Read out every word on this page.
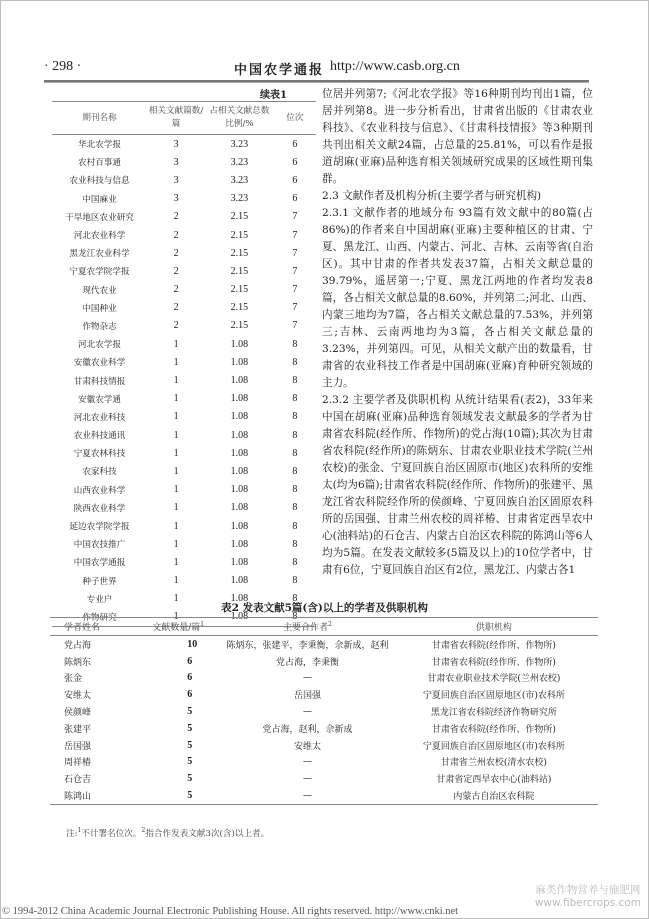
· 298 ·	中国农学通报 http://www.casb.org.cn
续表1
期刊名称	相关文献篇数/篇	占相关文献总数比例/%	位次
华北农学报	3	3.23	6
农村百事通	3	3.23	6
农业科技与信息	3	3.23	6
中国麻业	3	3.23	6
干旱地区农业研究	2	2.15	7
河北农业科学	2	2.15	7
黑龙江农业科学	2	2.15	7
宁夏农学院学报	2	2.15	7
现代农业	2	2.15	7
中国种业	2	2.15	7
作物杂志	2	2.15	7
河北农学报	1	1.08	8
安徽农业科学	1	1.08	8
甘肃科技情报	1	1.08	8
安徽农学通	1	1.08	8
河北农业科技	1	1.08	8
农业科技通讯	1	1.08	8
宁夏农林科技	1	1.08	8
农家科技	1	1.08	8
山西农业科学	1	1.08	8
陕西农业科学	1	1.08	8
延边农学院学报	1	1.08	8
中国农技推广	1	1.08	8
中国农学通报	1	1.08	8
种子世界	1	1.08	8
专业户	1	1.08	8
作物研究	1	1.08	8

位居并列第7;《河北农学报》等16种期刊均刊出1篇，位居并列第8。进一步分析看出，甘肃省出版的《甘肃农业科技》、《农业科技与信息》、《甘肃科技情报》等3种期刊共刊出相关文献24篇，占总量的25.81%，可以看作是报道胡麻(亚麻)品种选育相关领域研究成果的区域性期刊集群。

2.3 文献作者及机构分析(主要学者与研究机构)

2.3.1 文献作者的地域分布 93篇有效文献中的80篇(占86%)的作者来自中国胡麻(亚麻)主要种植区的甘肃、宁夏、黑龙江、山西、内蒙古、河北、吉林、云南等省(自治区)。其中甘肃的作者共发表37篇，占相关文献总量的39.79%，遥居第一;宁夏、黑龙江两地的作者均发表8篇，各占相关文献总量的8.60%，并列第二;河北、山西、内蒙三地均为7篇，各占相关文献总量的7.53%，并列第三;吉林、云南两地均为3篇，各占相关文献总量的3.23%，并列第四。可见，从相关文献产出的数量看，甘肃省的农业科技工作者是中国胡麻(亚麻)育种研究领域的主力。

2.3.2 主要学者及供职机构 从统计结果看(表2)，33年来中国在胡麻(亚麻)品种选育领域发表文献最多的学者为甘肃省农科院(经作所、作物所)的党占海(10篇);其次为甘肃省农科院(经作所)的陈炳东、甘肃农业职业技术学院(兰州农校)的张金、宁夏回族自治区固原市(地区)农科所的安维太(均为6篇);甘肃省农科院(经作所、作物所)的张建平、黑龙江省农科院经作所的侯颜峰、宁夏回族自治区固原农科所的岳国强、甘肃兰州农校的周祥椿、甘肃省定西旱农中心(油料站)的石仓吉、内蒙古自治区农科院的陈鸿山等6人均为5篇。在发表文献较多(5篇及以上)的10位学者中，甘肃有6位，宁夏回族自治区有2位，黑龙江、内蒙古各1

表2 发表文献5篇(含)以上的学者及供职机构
学者姓名	文献数量/篇$^1$	主要合作者$^2$	供职机构
党占海	10	陈炳东，张建平，李秉衡，佘新成，赵利	甘肃省农科院(经作所、作物所)
陈炳东	6	党占海，李秉衡	甘肃省农科院(经作所、作物所)
张金	6	—	甘肃农业职业技术学院(兰州农校)
安维太	6	岳国强	宁夏回族自治区固原地区(市)农科所
侯颜峰	5	—	黑龙江省农科院经济作物研究所
张建平	5	党占海，赵利，佘新成	甘肃省农科院(经作所、作物所)
岳国强	5	安维太	宁夏回族自治区固原地区(市)农科所
周祥椿	5	—	甘肃省兰州农校(清水农校)
石仓吉	5	—	甘肃省定西旱农中心(油料站)
陈鸿山	5	—	内蒙古自治区农科院
注:$^1$不计署名位次。$^2$指合作发表文献3次(含)以上者。
麻类作物营养与施肥网
www.fibercrops.com
© 1994-2012 China Academic Journal Electronic Publishing House. All rights reserved. http://www.cnki.net
